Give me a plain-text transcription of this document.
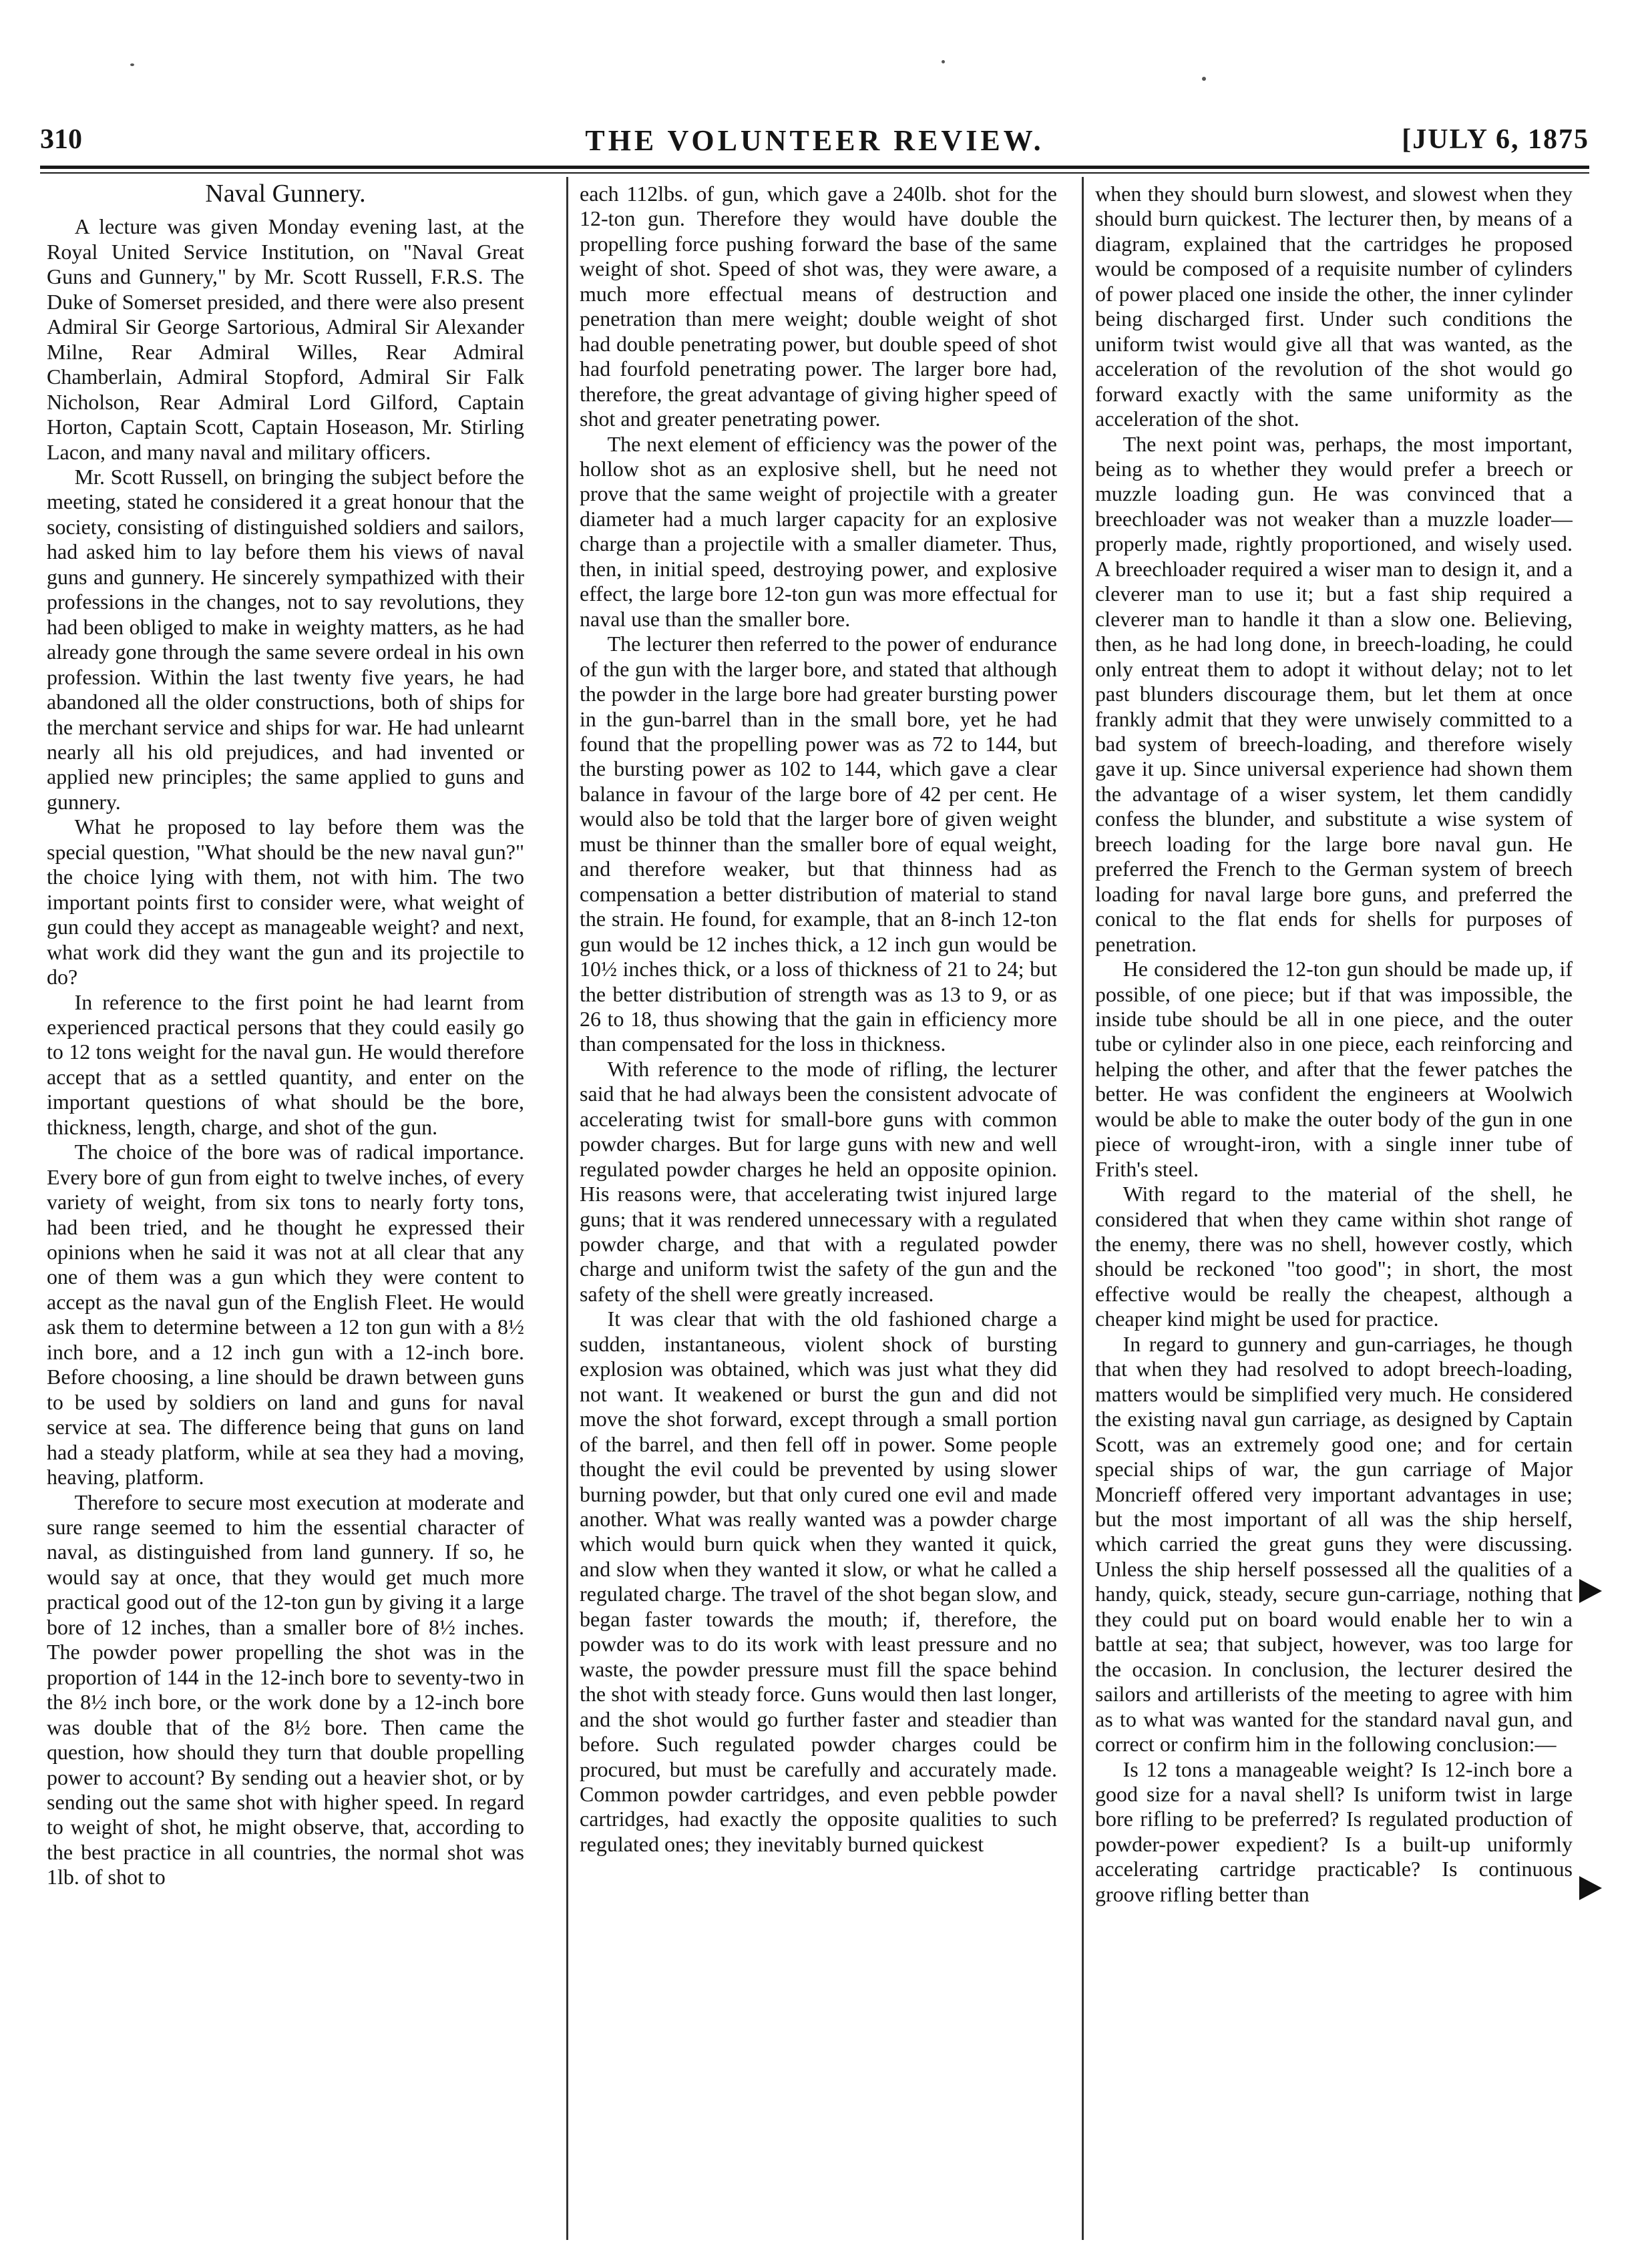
310	THE VOLUNTEER REVIEW.	[JULY 6, 1875
Naval Gunnery.

A lecture was given Monday evening last, at the Royal United Service Institution, on "Naval Great Guns and Gunnery," by Mr. Scott Russell, F.R.S. The Duke of Somerset presided, and there were also present Admiral Sir George Sartorious, Admiral Sir Alexander Milne, Rear Admiral Willes, Rear Admiral Chamberlain, Admiral Stopford, Admiral Sir Falk Nicholson, Rear Admiral Lord Gilford, Captain Horton, Captain Scott, Captain Hoseason, Mr. Stirling Lacon, and many naval and military officers.

Mr. Scott Russell, on bringing the subject before the meeting, stated he considered it a great honour that the society, consisting of distinguished soldiers and sailors, had asked him to lay before them his views of naval guns and gunnery. He sincerely sympathized with their professions in the changes, not to say revolutions, they had been obliged to make in weighty matters, as he had already gone through the same severe ordeal in his own profession. Within the last twenty five years, he had abandoned all the older constructions, both of ships for the merchant service and ships for war. He had unlearnt nearly all his old prejudices, and had invented or applied new principles; the same applied to guns and gunnery.

What he proposed to lay before them was the special question, "What should be the new naval gun?" the choice lying with them, not with him. The two important points first to consider were, what weight of gun could they accept as manageable weight? and next, what work did they want the gun and its projectile to do?

In reference to the first point he had learnt from experienced practical persons that they could easily go to 12 tons weight for the naval gun. He would therefore accept that as a settled quantity, and enter on the important questions of what should be the bore, thickness, length, charge, and shot of the gun.

The choice of the bore was of radical importance. Every bore of gun from eight to twelve inches, of every variety of weight, from six tons to nearly forty tons, had been tried, and he thought he expressed their opinions when he said it was not at all clear that any one of them was a gun which they were content to accept as the naval gun of the English Fleet. He would ask them to determine between a 12 ton gun with a 8½ inch bore, and a 12 inch gun with a 12-inch bore. Before choosing, a line should be drawn between guns to be used by soldiers on land and guns for naval service at sea. The difference being that guns on land had a steady platform, while at sea they had a moving, heaving, platform.

Therefore to secure most execution at moderate and sure range seemed to him the essential character of naval, as distinguished from land gunnery. If so, he would say at once, that they would get much more practical good out of the 12-ton gun by giving it a large bore of 12 inches, than a smaller bore of 8½ inches. The powder power propelling the shot was in the proportion of 144 in the 12-inch bore to seventy-two in the 8½ inch bore, or the work done by a 12-inch bore was double that of the 8½ bore. Then came the question, how should they turn that double propelling power to account? By sending out a heavier shot, or by sending out the same shot with higher speed. In regard to weight of shot, he might observe, that, according to the best practice in all countries, the normal shot was 1lb. of shot to

each 112lbs. of gun, which gave a 240lb. shot for the 12-ton gun. Therefore they would have double the propelling force pushing forward the base of the same weight of shot. Speed of shot was, they were aware, a much more effectual means of destruction and penetration than mere weight; double weight of shot had double penetrating power, but double speed of shot had fourfold penetrating power. The larger bore had, therefore, the great advantage of giving higher speed of shot and greater penetrating power.

The next element of efficiency was the power of the hollow shot as an explosive shell, but he need not prove that the same weight of projectile with a greater diameter had a much larger capacity for an explosive charge than a projectile with a smaller diameter. Thus, then, in initial speed, destroying power, and explosive effect, the large bore 12-ton gun was more effectual for naval use than the smaller bore.

The lecturer then referred to the power of endurance of the gun with the larger bore, and stated that although the powder in the large bore had greater bursting power in the gun-barrel than in the small bore, yet he had found that the propelling power was as 72 to 144, but the bursting power as 102 to 144, which gave a clear balance in favour of the large bore of 42 per cent. He would also be told that the larger bore of given weight must be thinner than the smaller bore of equal weight, and therefore weaker, but that thinness had as compensation a better distribution of material to stand the strain. He found, for example, that an 8-inch 12-ton gun would be 12 inches thick, a 12 inch gun would be 10½ inches thick, or a loss of thickness of 21 to 24; but the better distribution of strength was as 13 to 9, or as 26 to 18, thus showing that the gain in efficiency more than compensated for the loss in thickness.

With reference to the mode of rifling, the lecturer said that he had always been the consistent advocate of accelerating twist for small-bore guns with common powder charges. But for large guns with new and well regulated powder charges he held an opposite opinion. His reasons were, that accelerating twist injured large guns; that it was rendered unnecessary with a regulated powder charge, and that with a regulated powder charge and uniform twist the safety of the gun and the safety of the shell were greatly increased.

It was clear that with the old fashioned charge a sudden, instantaneous, violent shock of bursting explosion was obtained, which was just what they did not want. It weakened or burst the gun and did not move the shot forward, except through a small portion of the barrel, and then fell off in power. Some people thought the evil could be prevented by using slower burning powder, but that only cured one evil and made another. What was really wanted was a powder charge which would burn quick when they wanted it quick, and slow when they wanted it slow, or what he called a regulated charge. The travel of the shot began slow, and began faster towards the mouth; if, therefore, the powder was to do its work with least pressure and no waste, the powder pressure must fill the space behind the shot with steady force. Guns would then last longer, and the shot would go further faster and steadier than before. Such regulated powder charges could be procured, but must be carefully and accurately made. Common powder cartridges, and even pebble powder cartridges, had exactly the opposite qualities to such regulated ones; they inevitably burned quickest

when they should burn slowest, and slowest when they should burn quickest. The lecturer then, by means of a diagram, explained that the cartridges he proposed would be composed of a requisite number of cylinders of power placed one inside the other, the inner cylinder being discharged first. Under such conditions the uniform twist would give all that was wanted, as the acceleration of the revolution of the shot would go forward exactly with the same uniformity as the acceleration of the shot.

The next point was, perhaps, the most important, being as to whether they would prefer a breech or muzzle loading gun. He was convinced that a breechloader was not weaker than a muzzle loader—properly made, rightly proportioned, and wisely used. A breechloader required a wiser man to design it, and a cleverer man to use it; but a fast ship required a cleverer man to handle it than a slow one. Believing, then, as he had long done, in breech-loading, he could only entreat them to adopt it without delay; not to let past blunders discourage them, but let them at once frankly admit that they were unwisely committed to a bad system of breech-loading, and therefore wisely gave it up. Since universal experience had shown them the advantage of a wiser system, let them candidly confess the blunder, and substitute a wise system of breech loading for the large bore naval gun. He preferred the French to the German system of breech loading for naval large bore guns, and preferred the conical to the flat ends for shells for purposes of penetration.

He considered the 12-ton gun should be made up, if possible, of one piece; but if that was impossible, the inside tube should be all in one piece, and the outer tube or cylinder also in one piece, each reinforcing and helping the other, and after that the fewer patches the better. He was confident the engineers at Woolwich would be able to make the outer body of the gun in one piece of wrought-iron, with a single inner tube of Frith's steel.

With regard to the material of the shell, he considered that when they came within shot range of the enemy, there was no shell, however costly, which should be reckoned "too good"; in short, the most effective would be really the cheapest, although a cheaper kind might be used for practice.

In regard to gunnery and gun-carriages, he though that when they had resolved to adopt breech-loading, matters would be simplified very much. He considered the existing naval gun carriage, as designed by Captain Scott, was an extremely good one; and for certain special ships of war, the gun carriage of Major Moncrieff offered very important advantages in use; but the most important of all was the ship herself, which carried the great guns they were discussing. Unless the ship herself possessed all the qualities of a handy, quick, steady, secure gun-carriage, nothing that they could put on board would enable her to win a battle at sea; that subject, however, was too large for the occasion. In conclusion, the lecturer desired the sailors and artillerists of the meeting to agree with him as to what was wanted for the standard naval gun, and correct or confirm him in the following conclusion:—

Is 12 tons a manageable weight? Is 12-inch bore a good size for a naval shell? Is uniform twist in large bore rifling to be preferred? Is regulated production of powder-power expedient? Is a built-up uniformly accelerating cartridge practicable? Is continuous groove rifling better than
